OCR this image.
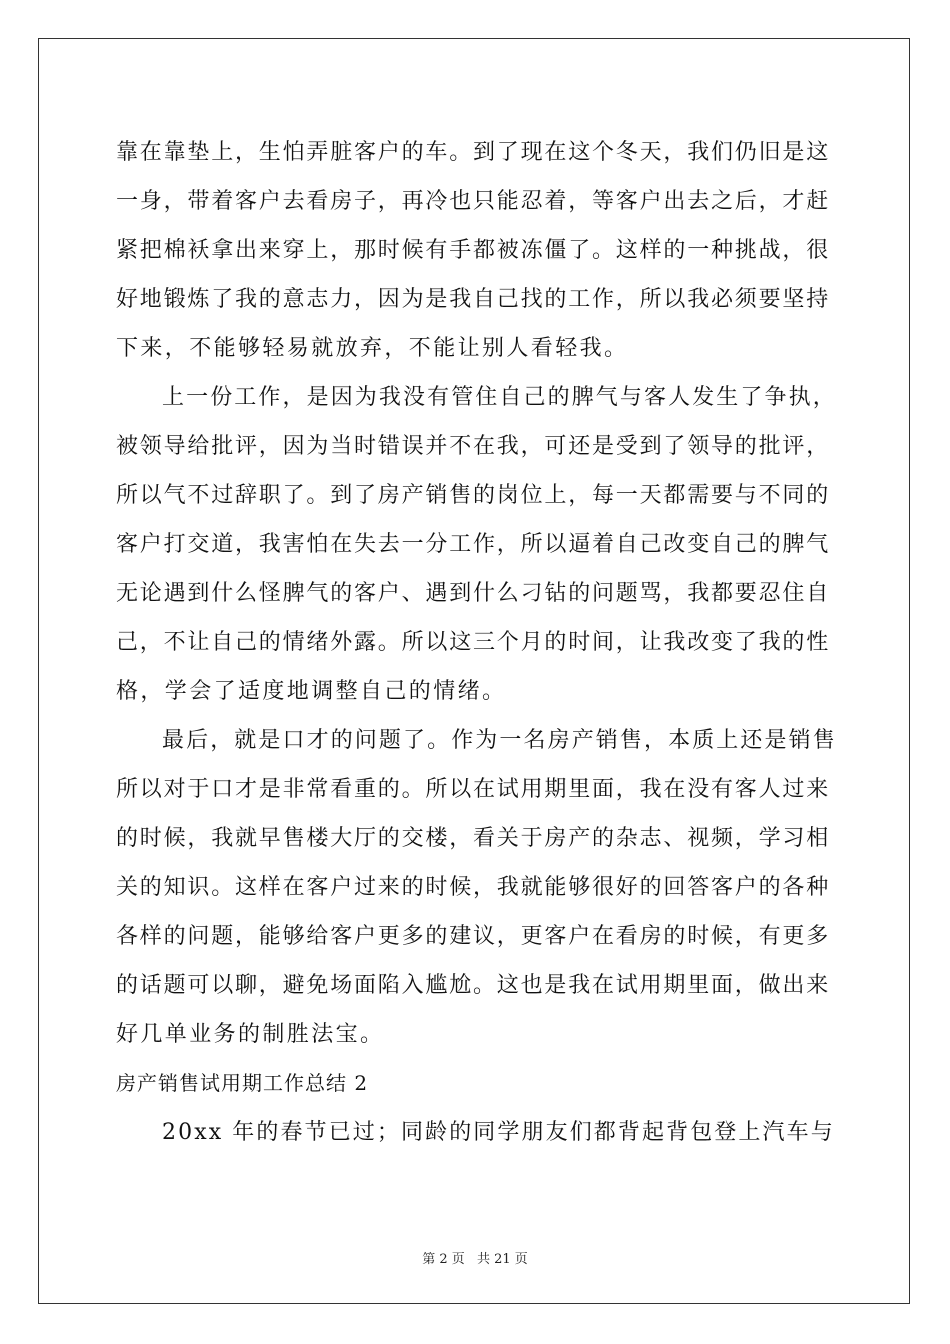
靠在靠垫上，生怕弄脏客户的车。到了现在这个冬天，我们仍旧是这
一身，带着客户去看房子，再冷也只能忍着，等客户出去之后，才赶
紧把棉袄拿出来穿上，那时候有手都被冻僵了。这样的一种挑战，很
好地锻炼了我的意志力，因为是我自己找的工作，所以我必须要坚持
下来，不能够轻易就放弃，不能让别人看轻我。
上一份工作，是因为我没有管住自己的脾气与客人发生了争执，
被领导给批评，因为当时错误并不在我，可还是受到了领导的批评，
所以气不过辞职了。到了房产销售的岗位上，每一天都需要与不同的
客户打交道，我害怕在失去一分工作，所以逼着自己改变自己的脾气
无论遇到什么怪脾气的客户、遇到什么刁钻的问题骂，我都要忍住自
己，不让自己的情绪外露。所以这三个月的时间，让我改变了我的性
格，学会了适度地调整自己的情绪。
最后，就是口才的问题了。作为一名房产销售，本质上还是销售
所以对于口才是非常看重的。所以在试用期里面，我在没有客人过来
的时候，我就早售楼大厅的交楼，看关于房产的杂志、视频，学习相
关的知识。这样在客户过来的时候，我就能够很好的回答客户的各种
各样的问题，能够给客户更多的建议，更客户在看房的时候，有更多
的话题可以聊，避免场面陷入尴尬。这也是我在试用期里面，做出来
好几单业务的制胜法宝。
房产销售试用期工作总结 2
20xx 年的春节已过；同龄的同学朋友们都背起背包登上汽车与
第 2 页 共 21 页
